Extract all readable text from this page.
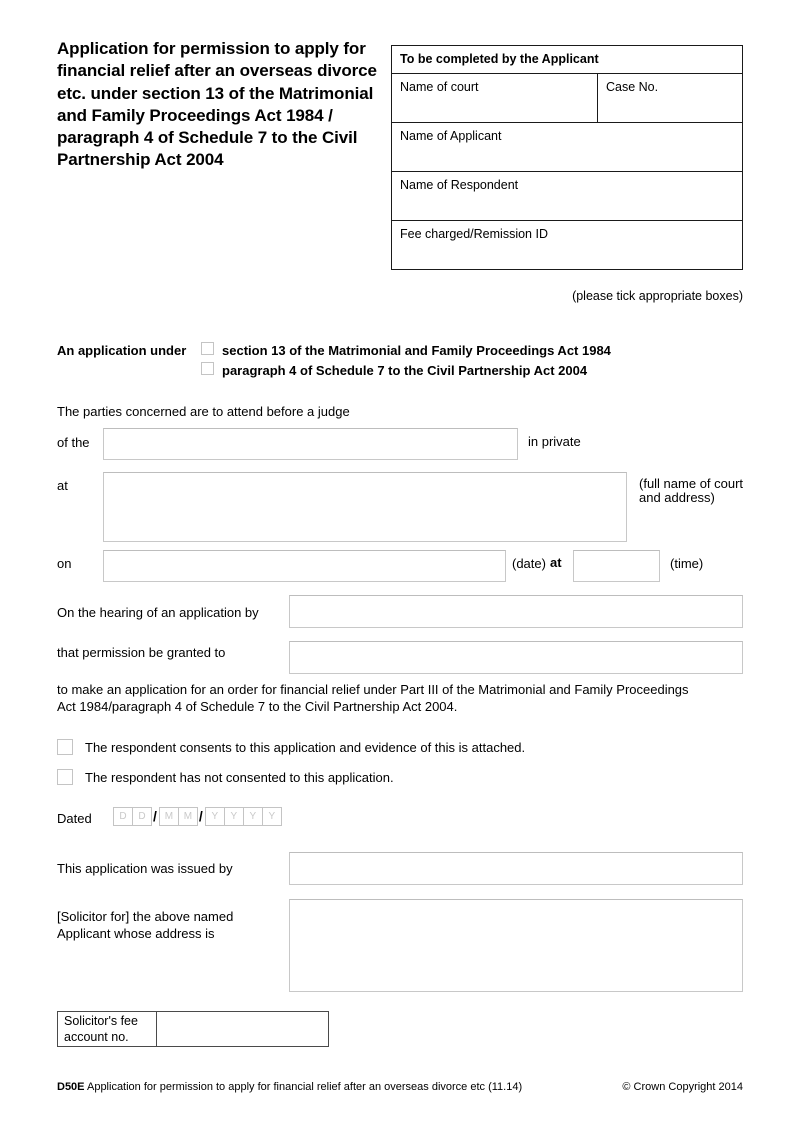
Application for permission to apply for financial relief after an overseas divorce etc. under section 13 of the Matrimonial and Family Proceedings Act 1984 / paragraph 4 of Schedule 7 to the Civil Partnership Act 2004
To be completed by the Applicant
Name of court	Case No.
Name of Applicant
Name of Respondent
Fee charged/Remission ID
(please tick appropriate boxes)
An application under	section 13 of the Matrimonial and Family Proceedings Act 1984
paragraph 4 of Schedule 7 to the Civil Partnership Act 2004
The parties concerned are to attend before a judge
of the	in private
at	(full name of court
and address)
on	(date) at	(time)
On the hearing of an application by
that permission be granted to
to make an application for an order for financial relief under Part III of the Matrimonial and Family Proceedings Act 1984/paragraph 4 of Schedule 7 to the Civil Partnership Act 2004.
The respondent consents to this application and evidence of this is attached.
The respondent has not consented to this application.
Dated	D	D / M	M / Y	Y	Y	Y
This application was issued by
[Solicitor for] the above named
Applicant whose address is
Solicitor's fee
account no.
D50E Application for permission to apply for financial relief after an overseas divorce etc (11.14)	© Crown Copyright 2014
